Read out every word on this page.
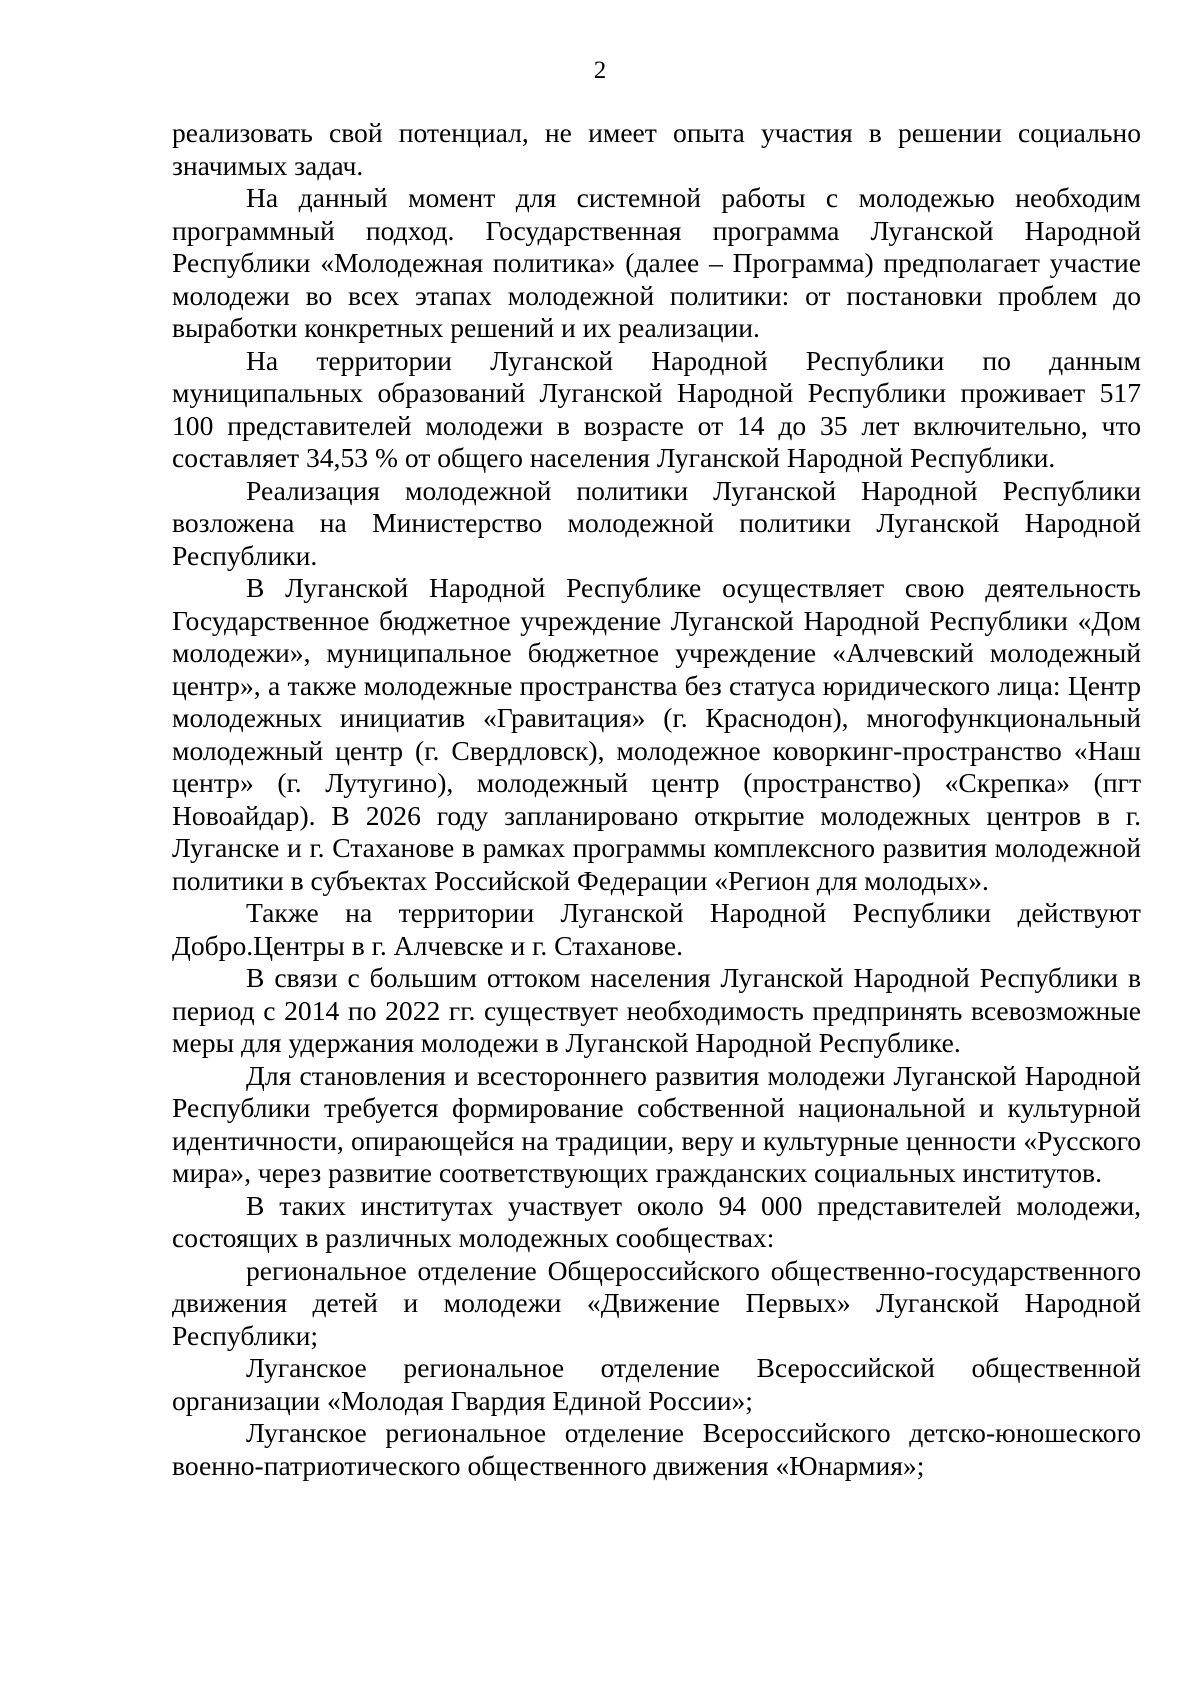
2

реализовать свой потенциал, не имеет опыта участия в решении социально значимых задач.

На данный момент для системной работы с молодежью необходим программный подход. Государственная программа Луганской Народной Республики «Молодежная политика» (далее – Программа) предполагает участие молодежи во всех этапах молодежной политики: от постановки проблем до выработки конкретных решений и их реализации.

На территории Луганской Народной Республики по данным муниципальных образований Луганской Народной Республики проживает 517 100 представителей молодежи в возрасте от 14 до 35 лет включительно, что составляет 34,53 % от общего населения Луганской Народной Республики.

Реализация молодежной политики Луганской Народной Республики возложена на Министерство молодежной политики Луганской Народной Республики.

В Луганской Народной Республике осуществляет свою деятельность Государственное бюджетное учреждение Луганской Народной Республики «Дом молодежи», муниципальное бюджетное учреждение «Алчевский молодежный центр», а также молодежные пространства без статуса юридического лица: Центр молодежных инициатив «Гравитация» (г. Краснодон), многофункциональный молодежный центр (г. Свердловск), молодежное коворкинг-пространство «Наш центр» (г. Лутугино), молодежный центр (пространство) «Скрепка» (пгт Новоайдар). В 2026 году запланировано открытие молодежных центров в г. Луганске и г. Стаханове в рамках программы комплексного развития молодежной политики в субъектах Российской Федерации «Регион для молодых».

Также на территории Луганской Народной Республики действуют Добро.Центры в г. Алчевске и г. Стаханове.

В связи с большим оттоком населения Луганской Народной Республики в период с 2014 по 2022 гг. существует необходимость предпринять всевозможные меры для удержания молодежи в Луганской Народной Республике.

Для становления и всестороннего развития молодежи Луганской Народной Республики требуется формирование собственной национальной и культурной идентичности, опирающейся на традиции, веру и культурные ценности «Русского мира», через развитие соответствующих гражданских социальных институтов.

В таких институтах участвует около 94 000 представителей молодежи, состоящих в различных молодежных сообществах:

региональное отделение Общероссийского общественно-государственного движения детей и молодежи «Движение Первых» Луганской Народной Республики;

Луганское региональное отделение Всероссийской общественной организации «Молодая Гвардия Единой России»;

Луганское региональное отделение Всероссийского детско-юношеского военно-патриотического общественного движения «Юнармия»;
